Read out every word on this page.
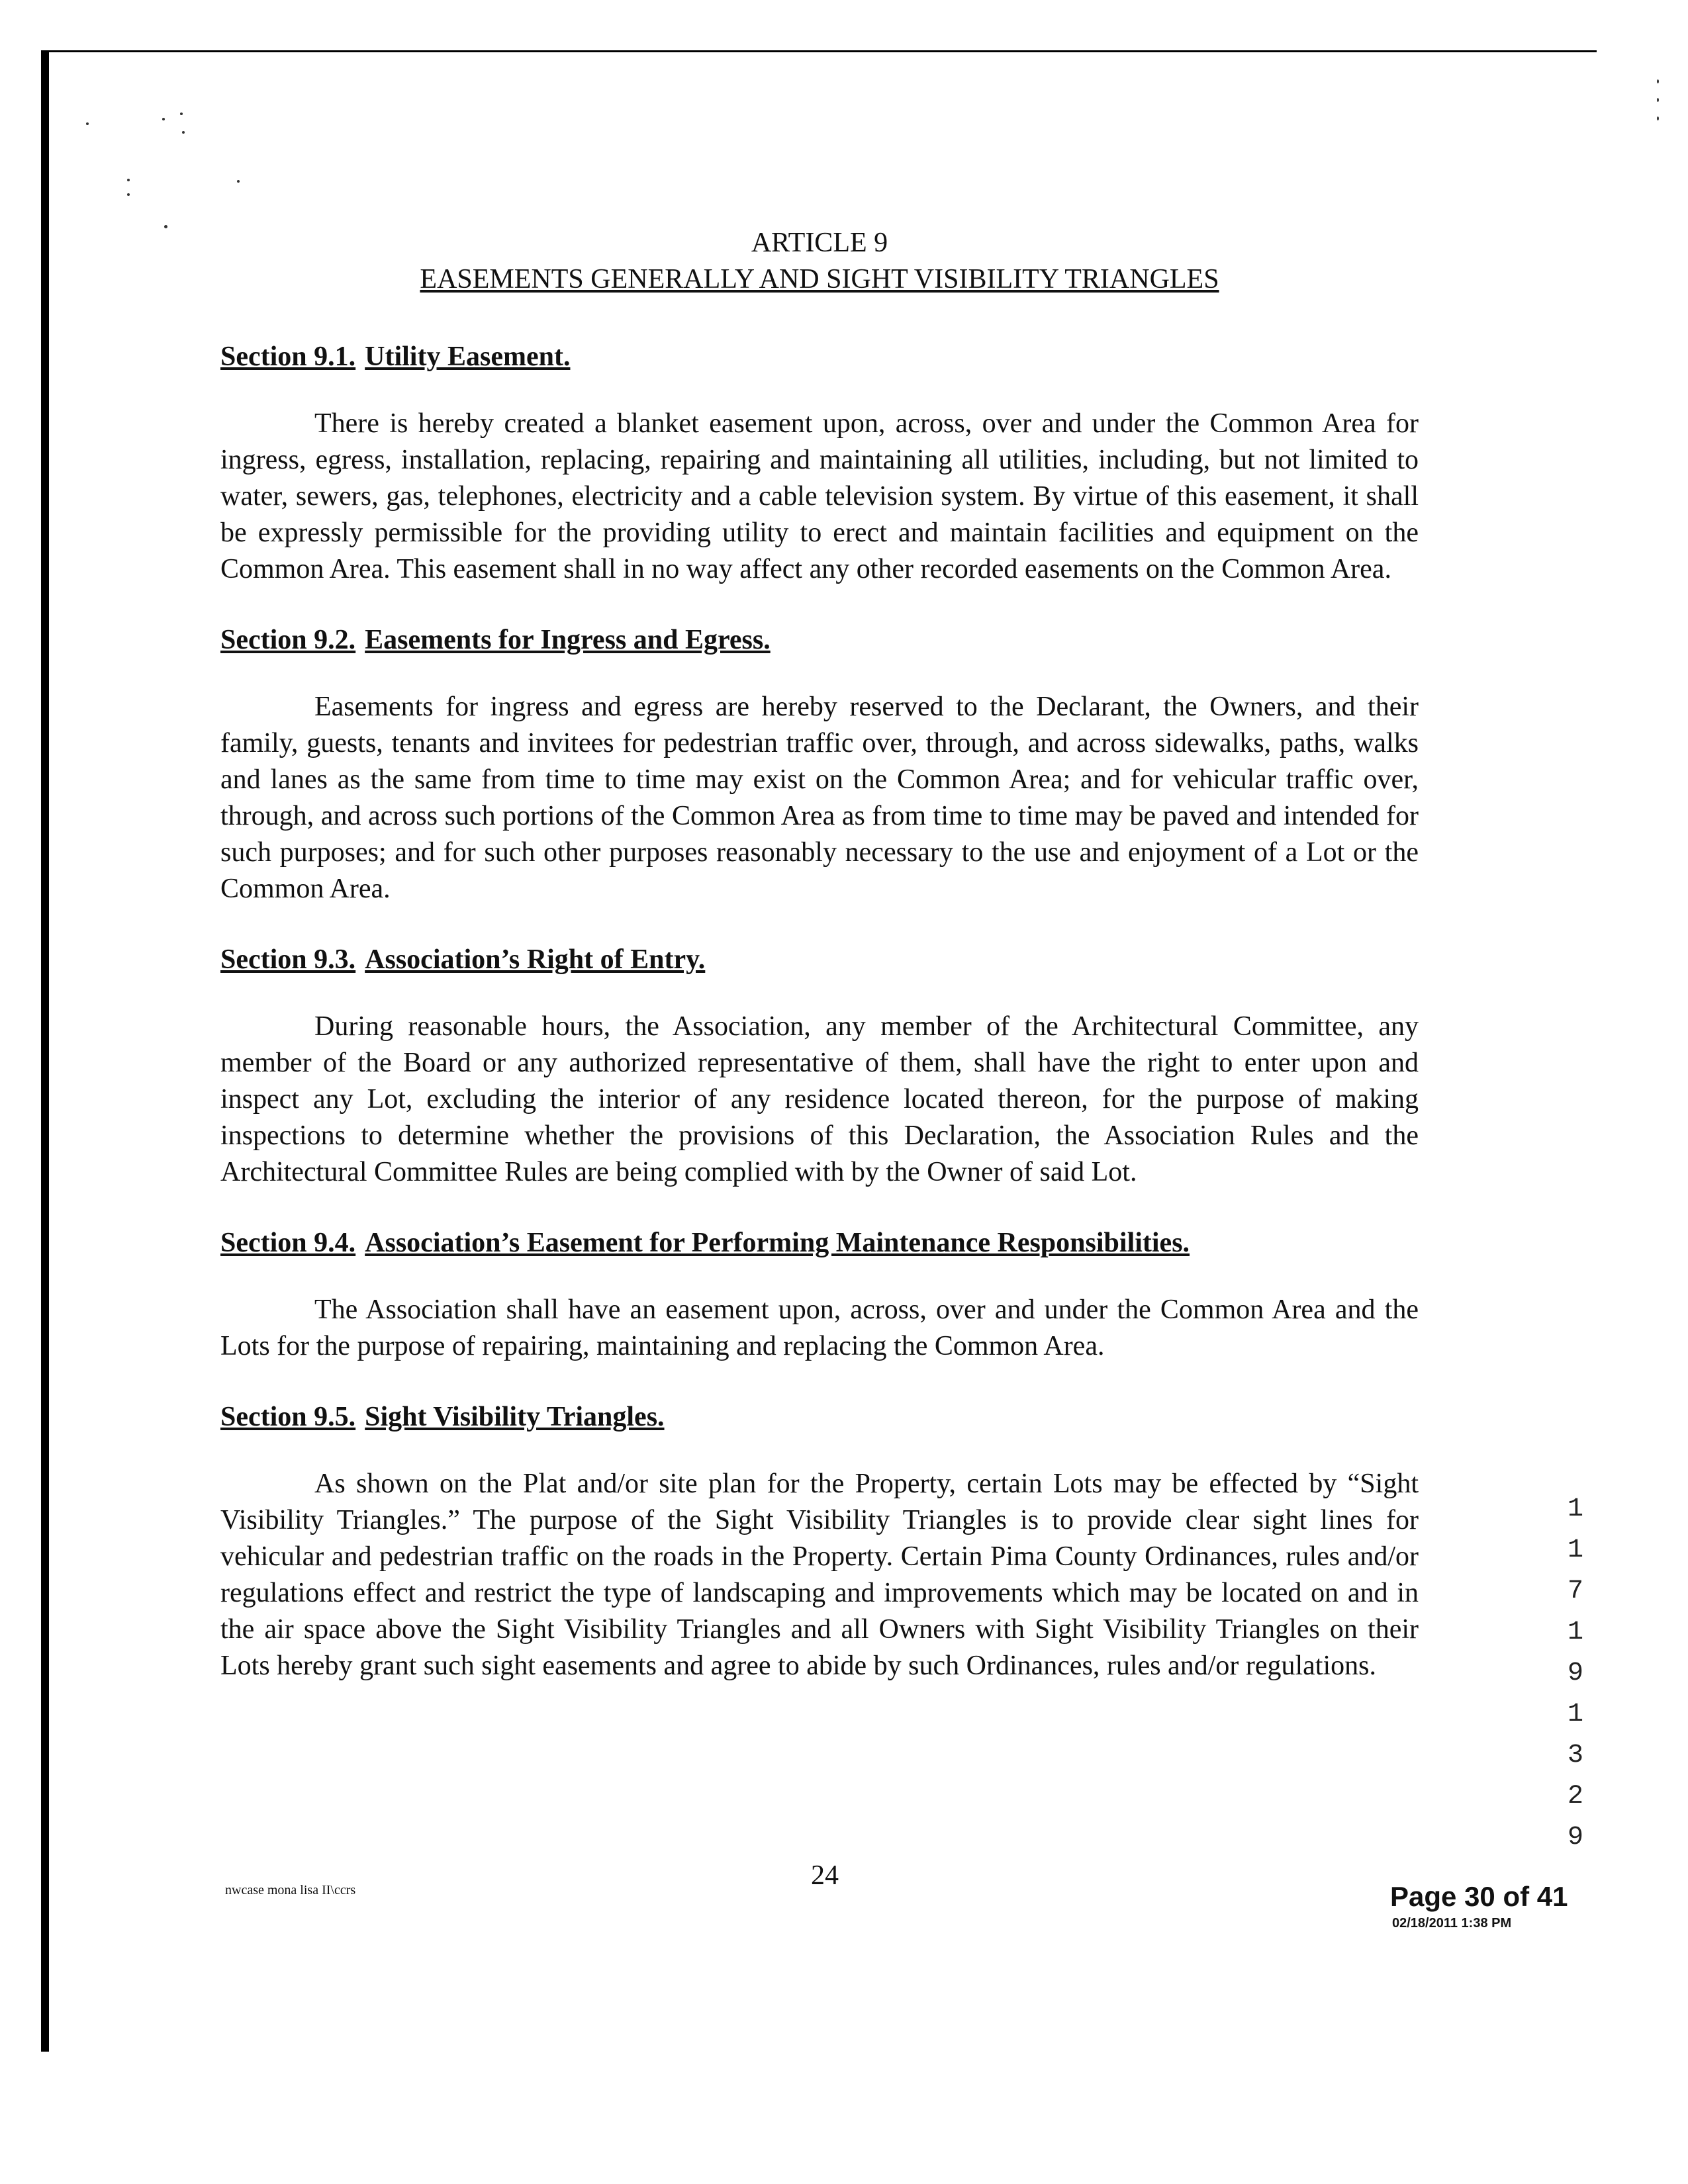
ARTICLE 9
EASEMENTS GENERALLY AND SIGHT VISIBILITY TRIANGLES

Section 9.1. Utility Easement.

There is hereby created a blanket easement upon, across, over and under the Common Area for ingress, egress, installation, replacing, repairing and maintaining all utilities, including, but not limited to water, sewers, gas, telephones, electricity and a cable television system. By virtue of this easement, it shall be expressly permissible for the providing utility to erect and maintain facilities and equipment on the Common Area. This easement shall in no way affect any other recorded easements on the Common Area.

Section 9.2. Easements for Ingress and Egress.

Easements for ingress and egress are hereby reserved to the Declarant, the Owners, and their family, guests, tenants and invitees for pedestrian traffic over, through, and across sidewalks, paths, walks and lanes as the same from time to time may exist on the Common Area; and for vehicular traffic over, through, and across such portions of the Common Area as from time to time may be paved and intended for such purposes; and for such other purposes reasonably necessary to the use and enjoyment of a Lot or the Common Area.

Section 9.3. Association’s Right of Entry.

During reasonable hours, the Association, any member of the Architectural Committee, any member of the Board or any authorized representative of them, shall have the right to enter upon and inspect any Lot, excluding the interior of any residence located thereon, for the purpose of making inspections to determine whether the provisions of this Declaration, the Association Rules and the Architectural Committee Rules are being complied with by the Owner of said Lot.

Section 9.4. Association’s Easement for Performing Maintenance Responsibilities.

The Association shall have an easement upon, across, over and under the Common Area and the Lots for the purpose of repairing, maintaining and replacing the Common Area.

Section 9.5. Sight Visibility Triangles.

As shown on the Plat and/or site plan for the Property, certain Lots may be effected by “Sight Visibility Triangles.” The purpose of the Sight Visibility Triangles is to provide clear sight lines for vehicular and pedestrian traffic on the roads in the Property. Certain Pima County Ordinances, rules and/or regulations effect and restrict the type of landscaping and improvements which may be located on and in the air space above the Sight Visibility Triangles and all Owners with Sight Visibility Triangles on their Lots hereby grant such sight easements and agree to abide by such Ordinances, rules and/or regulations.

nwcase mona lisa II\ccrs	24
Page 30 of 41
02/18/2011 1:38 PM
11719 1329
